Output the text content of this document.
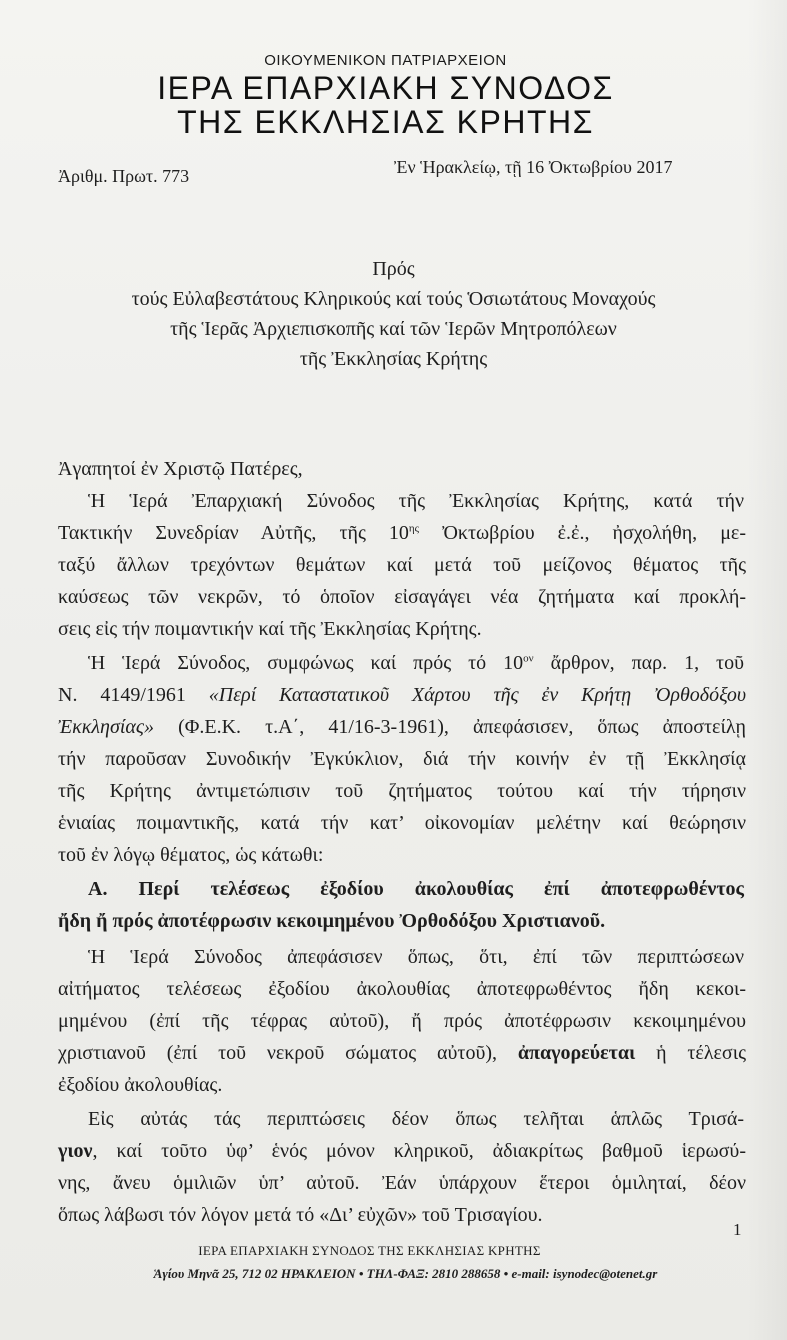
ΟΙΚΟΥΜΕΝΙΚΟΝ ΠΑΤΡΙΑΡΧΕΙΟΝ
ΙΕΡΑ ΕΠΑΡΧΙΑΚΗ ΣΥΝΟΔΟΣ
ΤΗΣ ΕΚΚΛΗΣΙΑΣ ΚΡΗΤΗΣ
Ἀριθμ. Πρωτ. 773	Ἐν Ἡρακλείῳ, τῇ 16 Ὀκτωβρίου 2017
Πρός
τούς Εὐλαβεστάτους Κληρικούς καί τούς Ὁσιωτάτους Μοναχούς
τῆς Ἱερᾶς Ἀρχιεπισκοπῆς καί τῶν Ἱερῶν Μητροπόλεων
τῆς Ἐκκλησίας Κρήτης
Ἀγαπητοί ἐν Χριστῷ Πατέρες,
Ἡ Ἱερά Ἐπαρχιακή Σύνοδος τῆς Ἐκκλησίας Κρήτης, κατά τήν
Τακτικήν Συνεδρίαν Αὐτῆς, τῆς $10^{\eta\varsigma}$ Ὀκτωβρίου ἐ.ἐ., ἠσχολήθη, με-
ταξύ ἄλλων τρεχόντων θεμάτων καί μετά τοῦ μείζονος θέματος τῆς
καύσεως τῶν νεκρῶν, τό ὁποῖον εἰσαγάγει νέα ζητήματα καί προκλή-
σεις εἰς τήν ποιμαντικήν καί τῆς Ἐκκλησίας Κρήτης.
Ἡ Ἱερά Σύνοδος, συμφώνως καί πρός τό $10^{o\nu}$ ἄρθρον, παρ. 1, τοῦ
Ν. 4149/1961 «Περί Καταστατικοῦ Χάρτου τῆς ἐν Κρήτῃ Ὀρθοδόξου
Ἐκκλησίας» (Φ.Ε.Κ. τ.Α΄, 41/16-3-1961), ἀπεφάσισεν, ὅπως ἀποστείλῃ
τήν παροῦσαν Συνοδικήν Ἐγκύκλιον, διά τήν κοινήν ἐν τῇ Ἐκκλησίᾳ
τῆς Κρήτης ἀντιμετώπισιν τοῦ ζητήματος τούτου καί τήν τήρησιν
ἑνιαίας ποιμαντικῆς, κατά τήν κατ’ οἰκονομίαν μελέτην καί θεώρησιν
τοῦ ἐν λόγῳ θέματος, ὡς κάτωθι:
Α. Περί τελέσεως ἐξοδίου ἀκολουθίας ἐπί ἀποτεφρωθέντος
ἤδη ἤ πρός ἀποτέφρωσιν κεκοιμημένου Ὀρθοδόξου Χριστιανοῦ.
Ἡ Ἱερά Σύνοδος ἀπεφάσισεν ὅπως, ὅτι, ἐπί τῶν περιπτώσεων
αἰτήματος τελέσεως ἐξοδίου ἀκολουθίας ἀποτεφρωθέντος ἤδη κεκοι-
μημένου (ἐπί τῆς τέφρας αὐτοῦ), ἤ πρός ἀποτέφρωσιν κεκοιμημένου
χριστιανοῦ (ἐπί τοῦ νεκροῦ σώματος αὐτοῦ), ἀπαγορεύεται ἡ τέλεσις
ἐξοδίου ἀκολουθίας.
Εἰς αὐτάς τάς περιπτώσεις δέον ὅπως τελῆται ἁπλῶς Τρισά-
γιον, καί τοῦτο ὑφ’ ἑνός μόνον κληρικοῦ, ἀδιακρίτως βαθμοῦ ἱερωσύ-
νης, ἄνευ ὁμιλιῶν ὑπ’ αὐτοῦ. Ἐάν ὑπάρχουν ἕτεροι ὁμιληταί, δέον
ὅπως λάβωσι τόν λόγον μετά τό «Δι’ εὐχῶν» τοῦ Τρισαγίου.
1
ΙΕΡΑ ΕΠΑΡΧΙΑΚΗ ΣΥΝΟΔΟΣ ΤΗΣ ΕΚΚΛΗΣΙΑΣ ΚΡΗΤΗΣ
Ἁγίου Μηνᾶ 25, 712 02 ΗΡΑΚΛΕΙΟΝ • ΤΗΛ-ΦΑΞ: 2810 288658 • e-mail: isynodec@otenet.gr
